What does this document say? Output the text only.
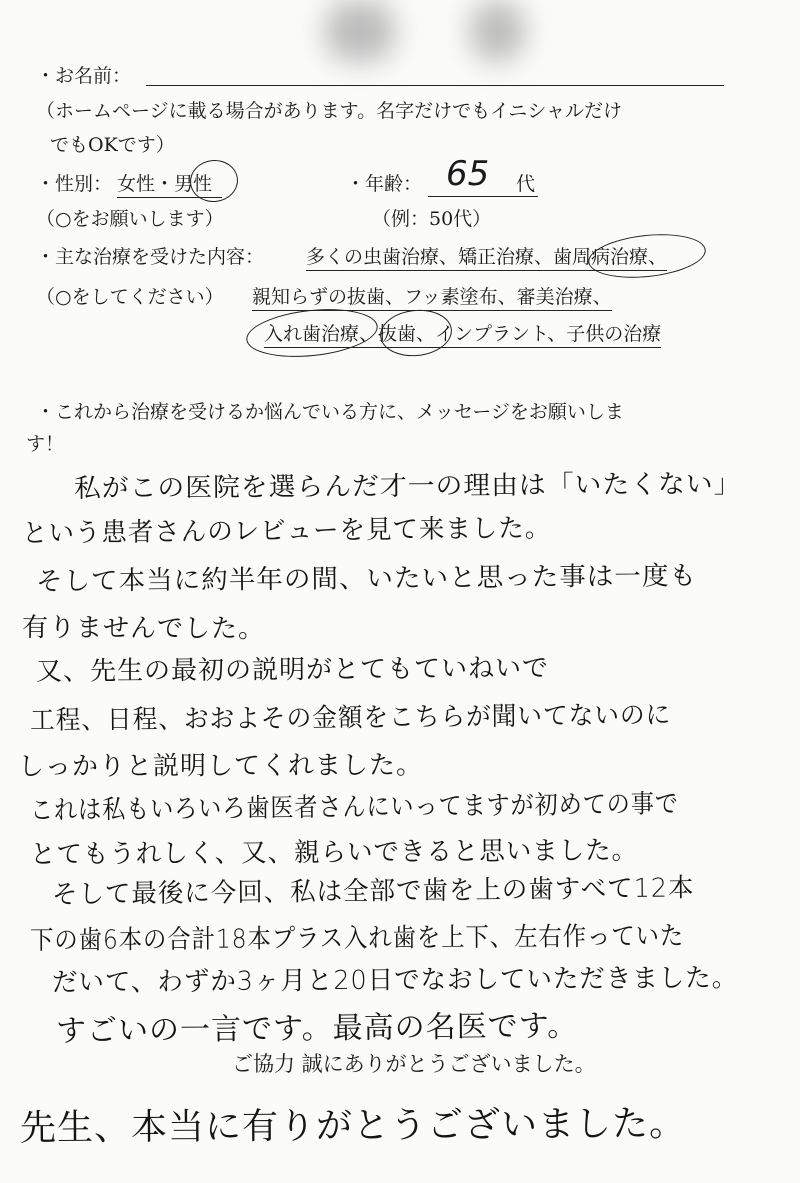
・お名前：
（ホームページに載る場合があります。名字だけでもイニシャルだけ
でもOKです）
・性別： 女性・男性	・年齢： 65 代
（○をお願いします）	（例：50代）
・主な治療を受けた内容： 多くの虫歯治療、矯正治療、歯周病治療、
（○をしてください） 親知らずの抜歯、フッ素塗布、審美治療、
入れ歯治療、抜歯、インプラント、子供の治療
・これから治療を受けるか悩んでいる方に、メッセージをお願いしま
す！
私がこの医院を選らんだ才一の理由は「いたくない」
という患者さんのレビューを見て来ました。
そして本当に約半年の間、いたいと思った事は一度も
有りませんでした。
又、先生の最初の説明がとてもていねいで
工程、日程、おおよその金額をこちらが聞いてないのに
しっかりと説明してくれました。
これは私もいろいろ歯医者さんにいってますが初めての事で
とてもうれしく、又、親らいできると思いました。
そして最後に今回、私は全部で歯を上の歯すべて12本
下の歯6本の合計18本プラス入れ歯を上下、左右作っていた
だいて、わずか3ヶ月と20日でなおしていただきました。
すごいの一言です。最高の名医です。
ご協力 誠にありがとうございました。
先生、本当に有りがとうございました。
